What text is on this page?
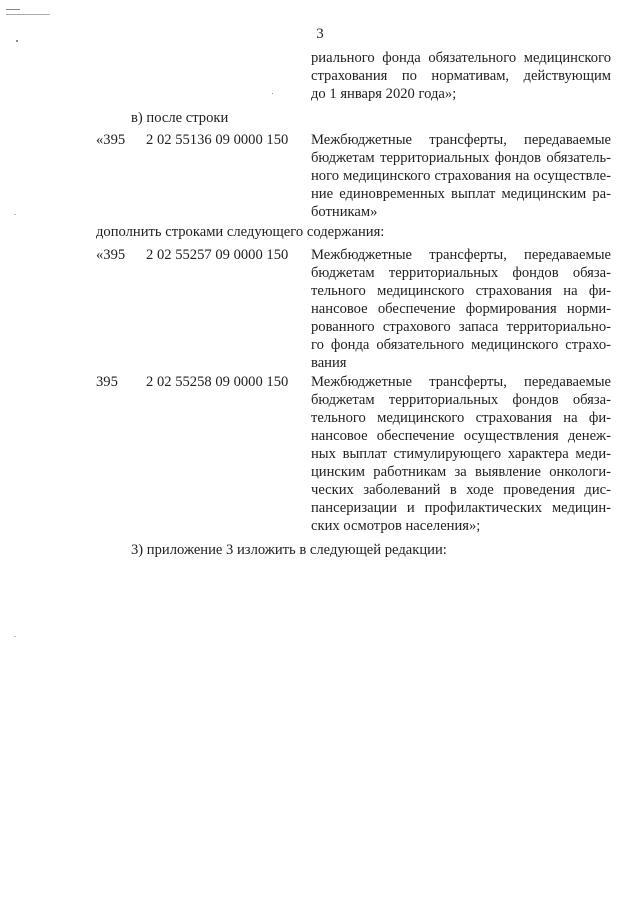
3
риального фонда обязательного медицинского
страхования по нормативам, действующим
до 1 января 2020 года»;
в) после строки
«395 2 02 55136 09 0000 150 Межбюджетные трансферты, передаваемые
бюджетам территориальных фондов обязатель-
ного медицинского страхования на осуществле-
ние единовременных выплат медицинским ра-
ботникам»
дополнить строками следующего содержания:
«395 2 02 55257 09 0000 150 Межбюджетные трансферты, передаваемые
бюджетам территориальных фондов обяза-
тельного медицинского страхования на фи-
нансовое обеспечение формирования норми-
рованного страхового запаса территориально-
го фонда обязательного медицинского страхо-
вания
395 2 02 55258 09 0000 150 Межбюджетные трансферты, передаваемые
бюджетам территориальных фондов обяза-
тельного медицинского страхования на фи-
нансовое обеспечение осуществления денеж-
ных выплат стимулирующего характера меди-
цинским работникам за выявление онкологи-
ческих заболеваний в ходе проведения дис-
пансеризации и профилактических медицин-
ских осмотров населения»;
3) приложение 3 изложить в следующей редакции:
